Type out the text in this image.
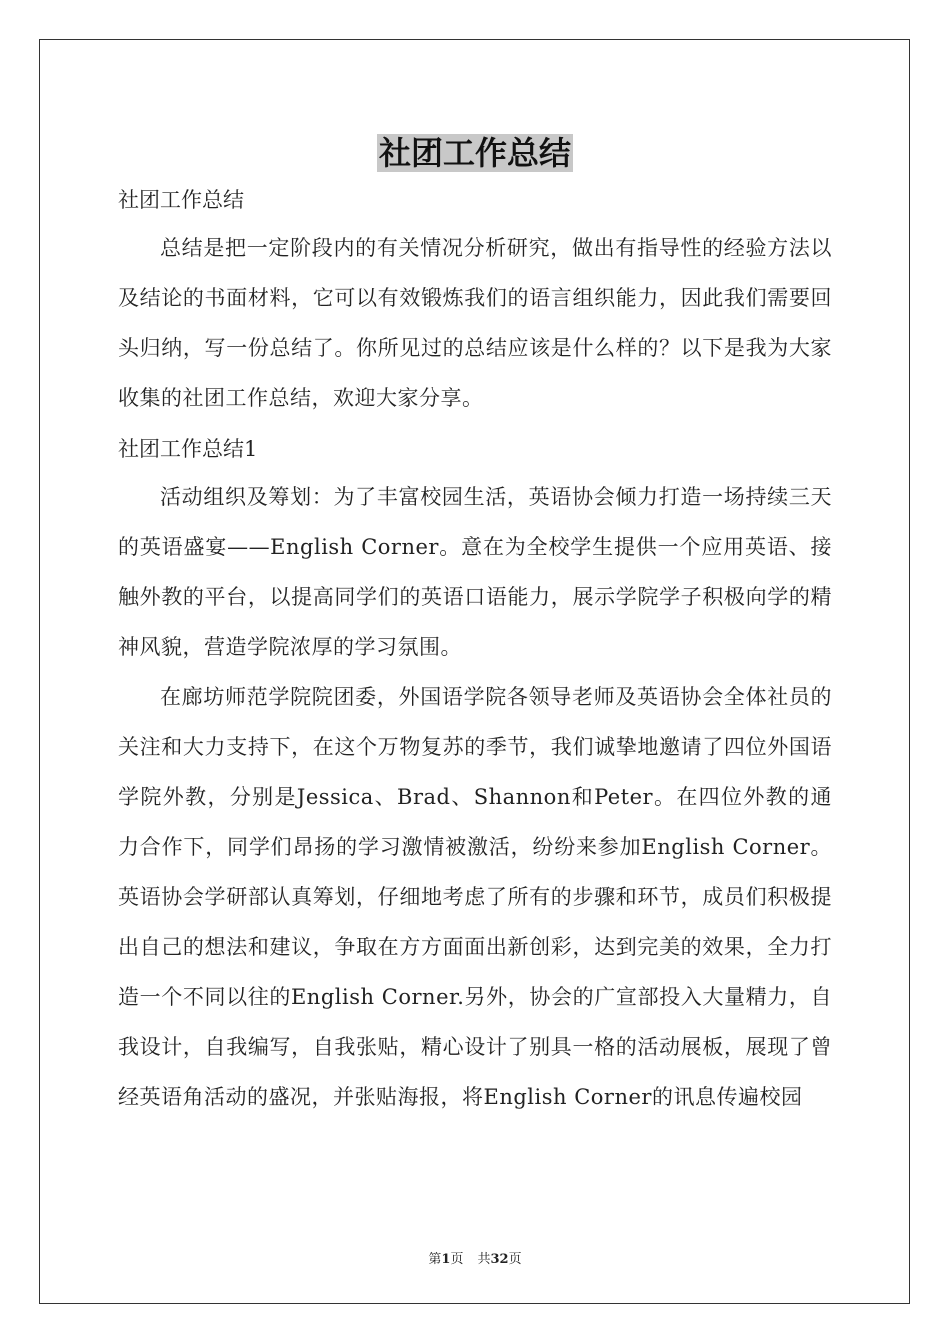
社团工作总结
社团工作总结
总结是把一定阶段内的有关情况分析研究，做出有指导性的经验方法以及结论的书面材料，它可以有效锻炼我们的语言组织能力，因此我们需要回头归纳，写一份总结了。你所见过的总结应该是什么样的？以下是我为大家收集的社团工作总结，欢迎大家分享。
社团工作总结1
活动组织及筹划：为了丰富校园生活，英语协会倾力打造一场持续三天的英语盛宴——English Corner。意在为全校学生提供一个应用英语、接触外教的平台，以提高同学们的英语口语能力，展示学院学子积极向学的精神风貌，营造学院浓厚的学习氛围。
在廊坊师范学院院团委，外国语学院各领导老师及英语协会全体社员的关注和大力支持下，在这个万物复苏的季节，我们诚挚地邀请了四位外国语学院外教，分别是Jessica、Brad、Shannon和Peter。在四位外教的通力合作下，同学们昂扬的学习激情被激活，纷纷来参加English Corner。英语协会学研部认真筹划，仔细地考虑了所有的步骤和环节，成员们积极提出自己的想法和建议，争取在方方面面出新创彩，达到完美的效果，全力打造一个不同以往的English Corner.另外，协会的广宣部投入大量精力，自我设计，自我编写，自我张贴，精心设计了别具一格的活动展板，展现了曾经英语角活动的盛况，并张贴海报，将English Corner的讯息传遍校园
第1页 共32页
